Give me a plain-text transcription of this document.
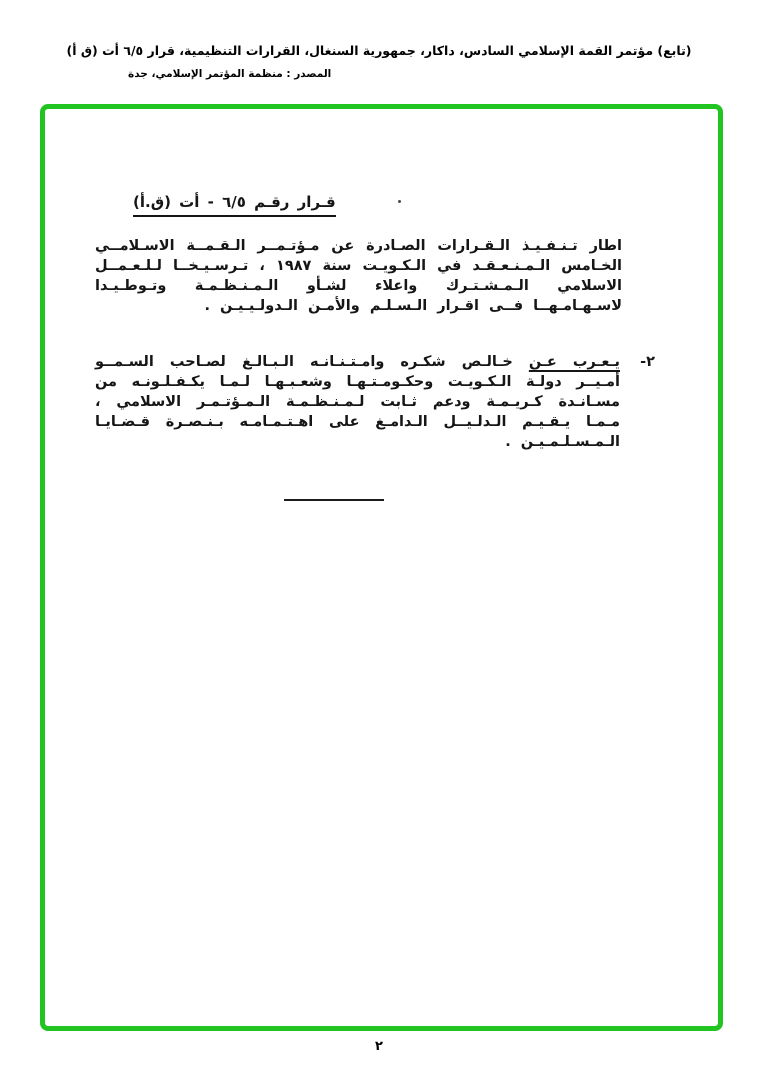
(تابع) مؤتمر القمة الإسلامي السادس، داكار، جمهورية السنغال، القرارات التنظيمية، قرار ٦/٥ أت (ق أ)
المصدر : منظمة المؤتمر الإسلامي، جدة
قـرار رقـم ٦/٥ - أت (ق.أ)
اطار تـنـفـيـذ الـقـرارات الصـادرة عن مـؤتـمــر الـقـمــة الاسـلامــي الخـامس الـمـنـعـقـد في الـكـويـت سنة ١٩٨٧ ، تـرسـيـخــا لـلـعـمــل الاسلامي الـمـشـتـرك واعلاء لشـأو الـمـنـظـمـة وتـوطـيـدا لاسـهـامـهــا فــى اقـرار الـسـلـم والأمـن الـدولـيـيـن .
٢-
يـعـرب عـن خـالـص شكـره وامـتـنـانـه الـبـالـغ لصـاحب السـمــو أمـيــر دولـة الـكـويـت وحكـومـتـهـا وشعـبـهـا لـمـا يكـفـلـونـه من مسـانـدة كـريـمـة ودعم ثـابت لـمـنـظـمـة الـمـؤتـمـر الاسلامي ، مـمـا يـقـيـم الـدلـيــل الـدامـغ على اهـتـمـامـه بـنـصـرة قـضـايـا الـمـسـلـمـيـن .
٢
